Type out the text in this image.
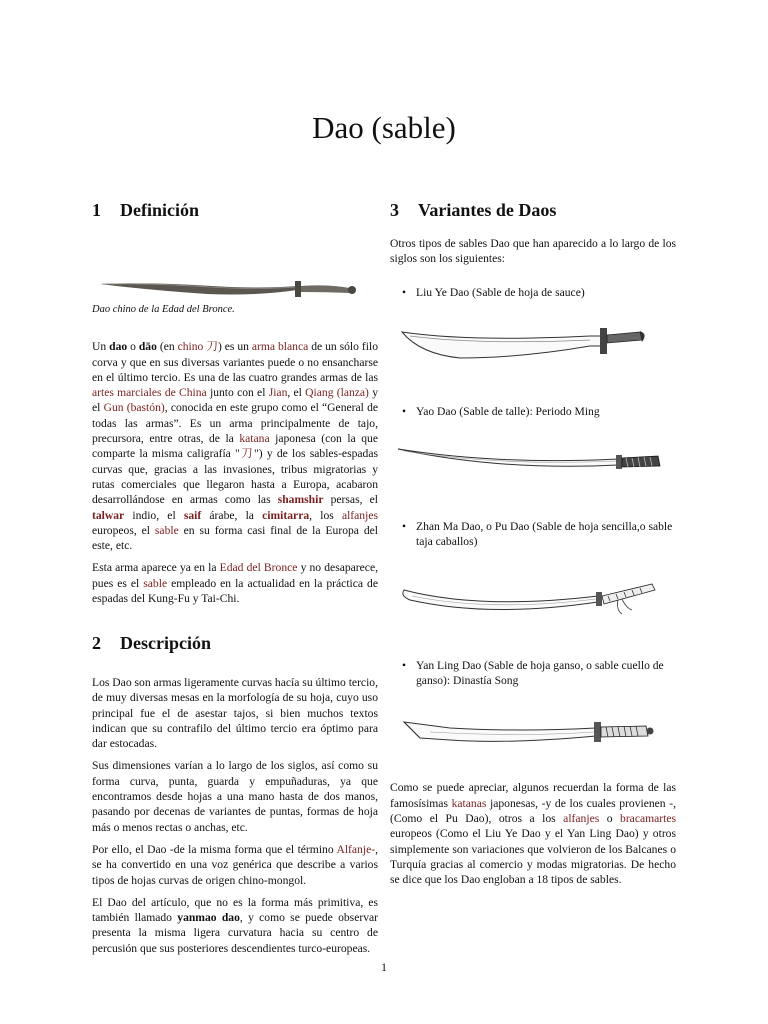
Dao (sable)
1 Definición

Dao chino de la Edad del Bronce.

Un dao o dāo (en chino 刀) es un arma blanca de un sólo filo corva y que en sus diversas variantes puede o no ensancharse en el último tercio. Es una de las cuatro grandes armas de las artes marciales de China junto con el Jian, el Qiang (lanza) y el Gun (bastón), conocida en este grupo como el “General de todas las armas”. Es un arma principalmente de tajo, precursora, entre otras, de la katana japonesa (con la que comparte la misma caligrafía "刀") y de los sables-espadas curvas que, gracias a las invasiones, tribus migratorias y rutas comerciales que llegaron hasta a Europa, acabaron desarrollándose en armas como las shamshir persas, el talwar indio, el saif árabe, la cimitarra, los alfanjes europeos, el sable en su forma casi final de la Europa del este, etc.

Esta arma aparece ya en la Edad del Bronce y no desaparece, pues es el sable empleado en la actualidad en la práctica de espadas del Kung-Fu y Tai-Chi.

2 Descripción

Los Dao son armas ligeramente curvas hacía su último tercio, de muy diversas mesas en la morfología de su hoja, cuyo uso principal fue el de asestar tajos, si bien muchos textos indican que su contrafilo del último tercio era óptimo para dar estocadas.

Sus dimensiones varían a lo largo de los siglos, así como su forma curva, punta, guarda y empuñaduras, ya que encontramos desde hojas a una mano hasta de dos manos, pasando por decenas de variantes de puntas, formas de hoja más o menos rectas o anchas, etc.

Por ello, el Dao -de la misma forma que el término Alfanje-, se ha convertido en una voz genérica que describe a varios tipos de hojas curvas de origen chino-mongol.

El Dao del artículo, que no es la forma más primitiva, es también llamado yanmao dao, y como se puede observar presenta la misma ligera curvatura hacia su centro de percusión que sus posteriores descendientes turco-europeas.

3 Variantes de Daos

Otros tipos de sables Dao que han aparecido a lo largo de los siglos son los siguientes:

• Liu Ye Dao (Sable de hoja de sauce)
• Yao Dao (Sable de talle): Periodo Ming
• Zhan Ma Dao, o Pu Dao (Sable de hoja sencilla,o sable taja caballos)
• Yan Ling Dao (Sable de hoja ganso, o sable cuello de ganso): Dinastía Song

Como se puede apreciar, algunos recuerdan la forma de las famosísimas katanas japonesas, -y de los cuales provienen -, (Como el Pu Dao), otros a los alfanjes o bracamartes europeos (Como el Liu Ye Dao y el Yan Ling Dao) y otros simplemente son variaciones que volvieron de los Balcanes o Turquía gracias al comercio y modas migratorias. De hecho se dice que los Dao engloban a 18 tipos de sables.

1
